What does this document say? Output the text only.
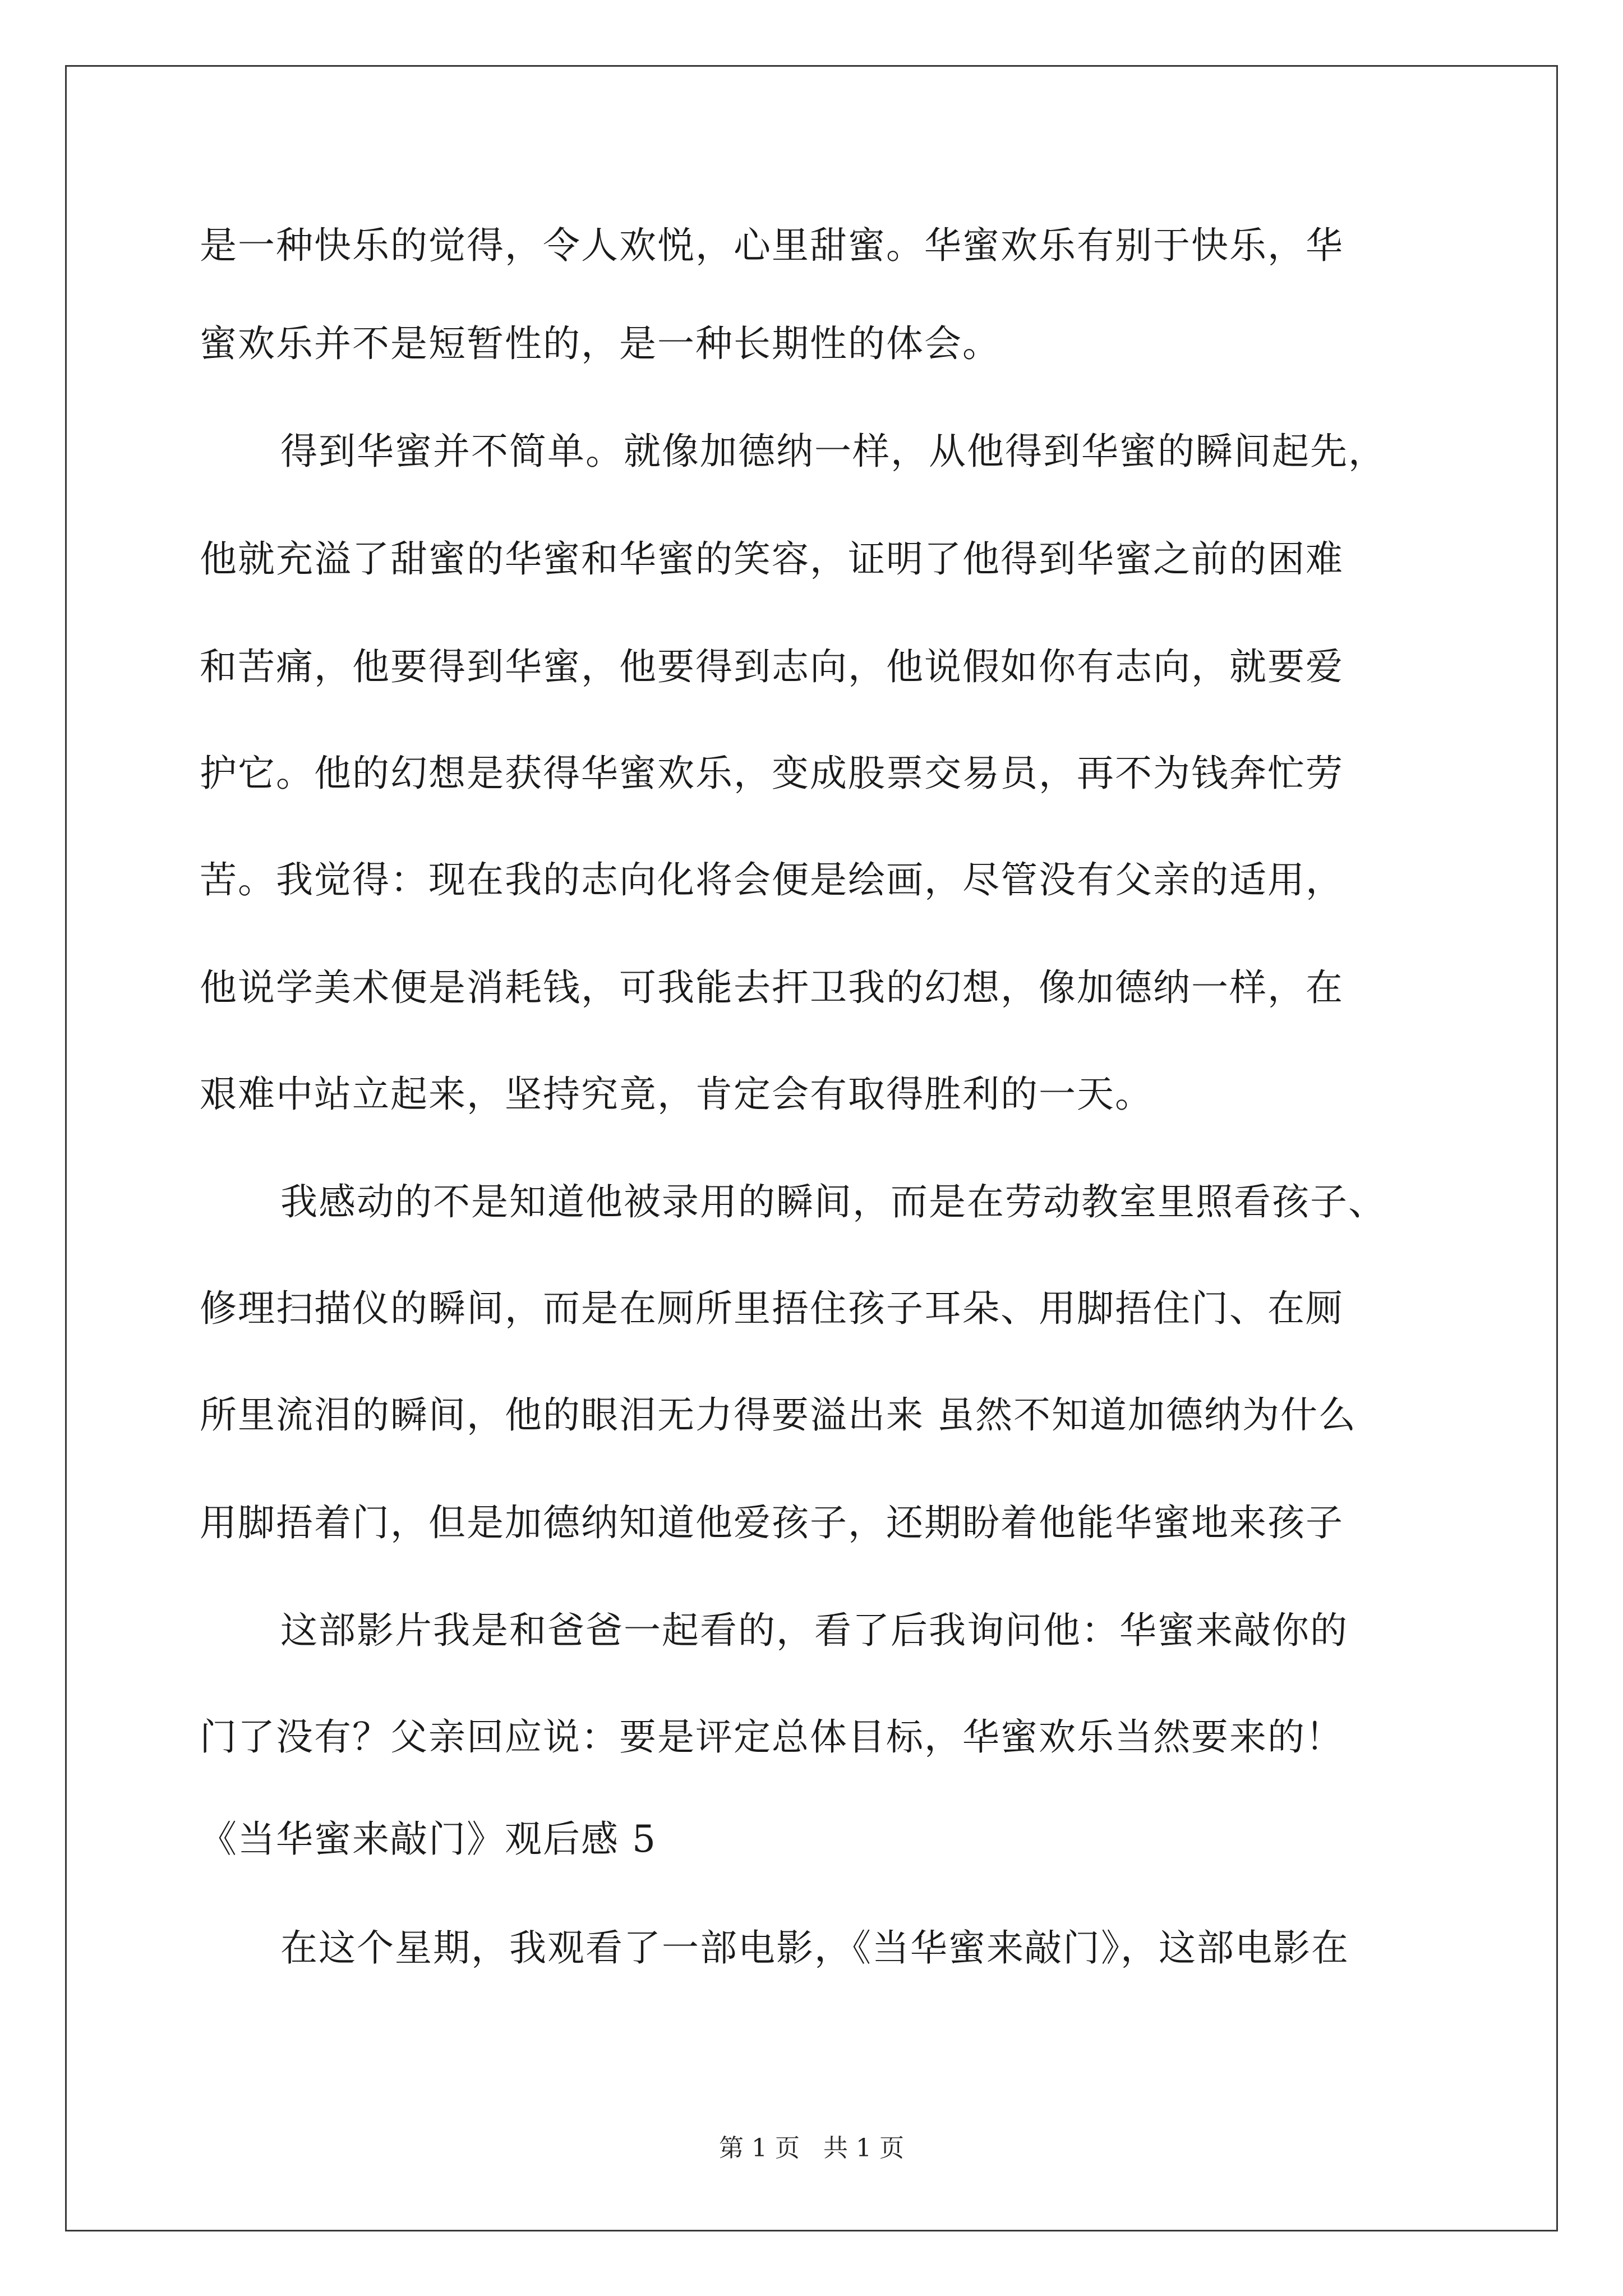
是一种快乐的觉得，令人欢悦，心里甜蜜。华蜜欢乐有别于快乐，华
蜜欢乐并不是短暂性的，是一种长期性的体会。
得到华蜜并不简单。就像加德纳一样，从他得到华蜜的瞬间起先，
他就充溢了甜蜜的华蜜和华蜜的笑容，证明了他得到华蜜之前的困难
和苦痛，他要得到华蜜，他要得到志向，他说假如你有志向，就要爱
护它。他的幻想是获得华蜜欢乐，变成股票交易员，再不为钱奔忙劳
苦。我觉得：现在我的志向化将会便是绘画，尽管没有父亲的适用，
他说学美术便是消耗钱，可我能去扞卫我的幻想，像加德纳一样，在
艰难中站立起来，坚持究竟，肯定会有取得胜利的一天。
我感动的不是知道他被录用的瞬间，而是在劳动教室里照看孩子、
修理扫描仪的瞬间，而是在厕所里捂住孩子耳朵、用脚捂住门、在厕
所里流泪的瞬间，他的眼泪无力得要溢出来 虽然不知道加德纳为什么
用脚捂着门，但是加德纳知道他爱孩子，还期盼着他能华蜜地来孩子
这部影片我是和爸爸一起看的，看了后我询问他：华蜜来敲你的
门了没有？父亲回应说：要是评定总体目标，华蜜欢乐当然要来的！
《当华蜜来敲门》观后感 5
在这个星期，我观看了一部电影，《当华蜜来敲门》，这部电影在
第 1 页 共 1 页
